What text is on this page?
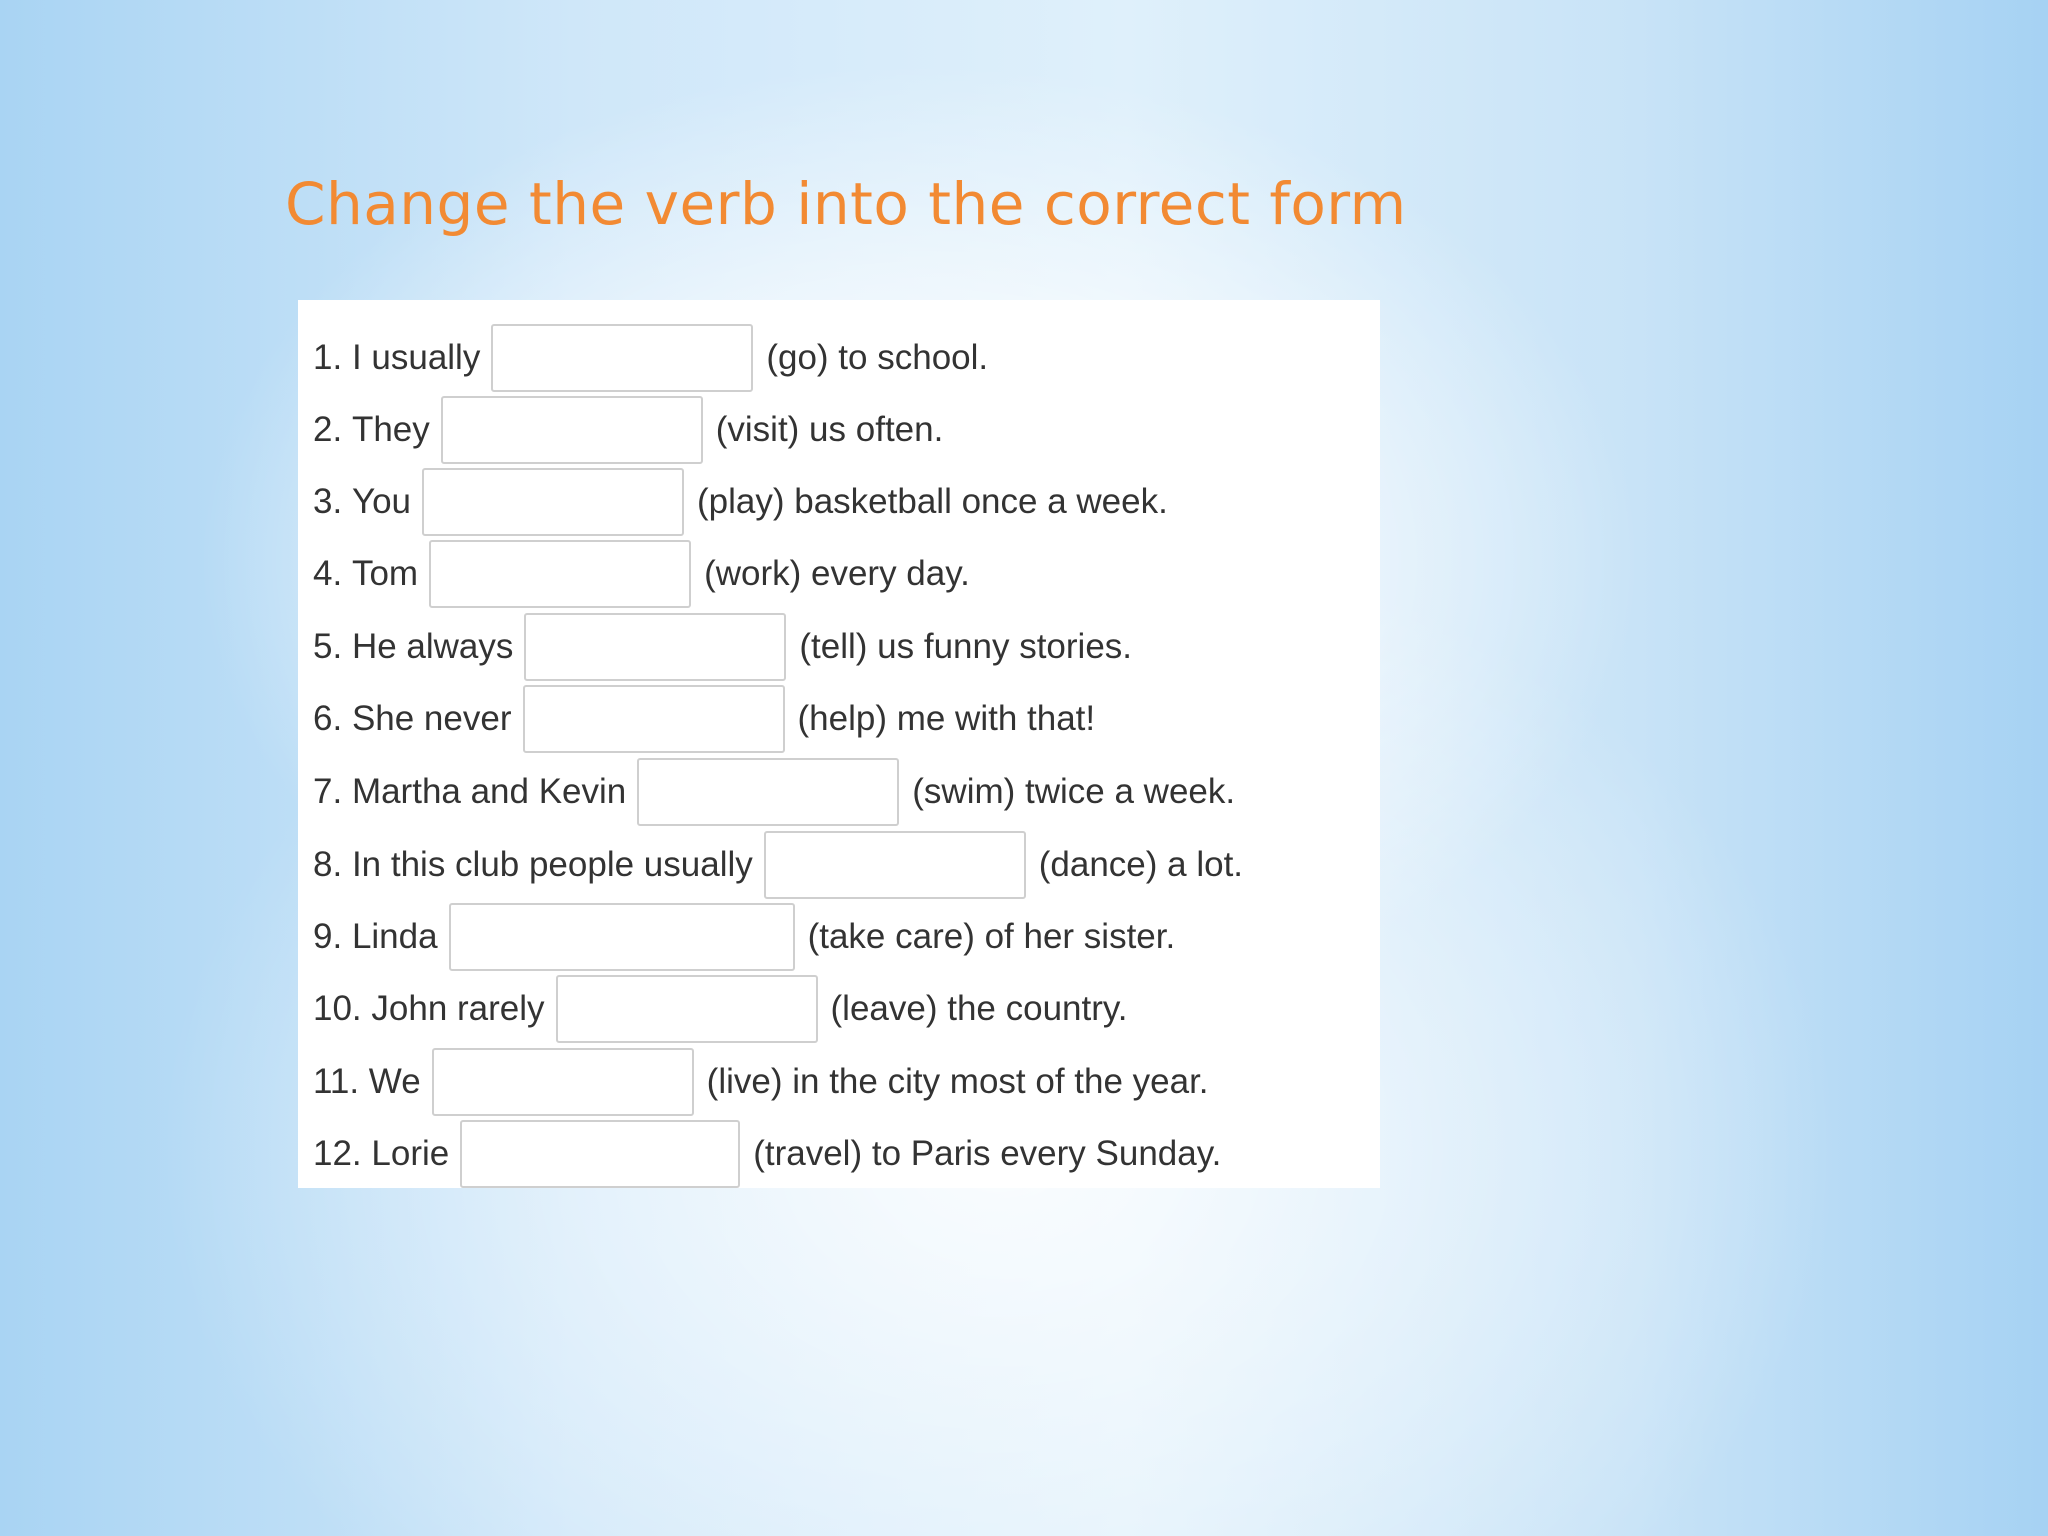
Change the verb into the correct form
1.
I usually	(go) to school.
2.
They	(visit) us often.
3.
You	(play) basketball once a week.
4.
Tom	(work) every day.
5.
He always	(tell) us funny stories.
6.
She never	(help) me with that!
7.
Martha and Kevin	(swim) twice a week.
8.
In this club people usually	(dance) a lot.
9.
Linda	(take care) of her sister.
10.
John rarely	(leave) the country.
11.
We	(live) in the city most of the year.
12.
Lorie	(travel) to Paris every Sunday.
